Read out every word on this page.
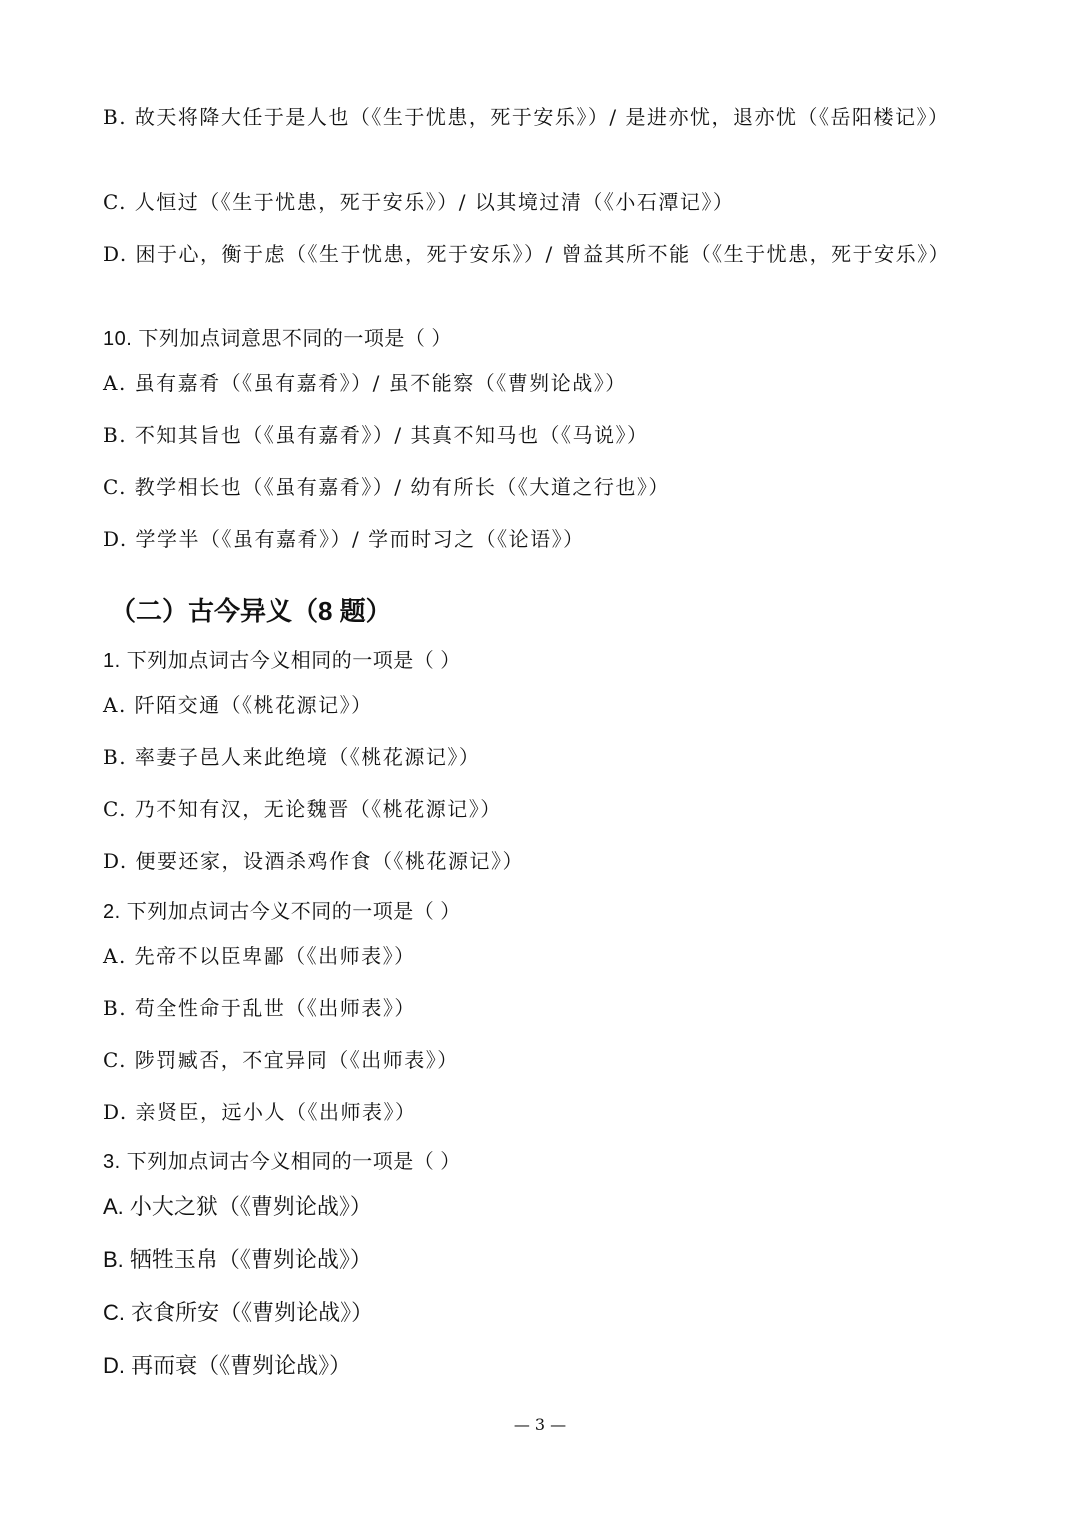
B. 故天将降大任于是人也（《生于忧患，死于安乐》）/ 是进亦忧，退亦忧（《岳阳楼记》）
C. 人恒过（《生于忧患，死于安乐》）/ 以其境过清（《小石潭记》）
D. 困于心，衡于虑（《生于忧患，死于安乐》）/ 曾益其所不能（《生于忧患，死于安乐》）
10. 下列加点词意思不同的一项是（ ）
A. 虽有嘉肴（《虽有嘉肴》）/ 虽不能察（《曹刿论战》）
B. 不知其旨也（《虽有嘉肴》）/ 其真不知马也（《马说》）
C. 教学相长也（《虽有嘉肴》）/ 幼有所长（《大道之行也》）
D. 学学半（《虽有嘉肴》）/ 学而时习之（《论语》）
（二）古今异义（8 题）
1. 下列加点词古今义相同的一项是（ ）
A. 阡陌交通（《桃花源记》）
B. 率妻子邑人来此绝境（《桃花源记》）
C. 乃不知有汉，无论魏晋（《桃花源记》）
D. 便要还家，设酒杀鸡作食（《桃花源记》）
2. 下列加点词古今义不同的一项是（ ）
A. 先帝不以臣卑鄙（《出师表》）
B. 苟全性命于乱世（《出师表》）
C. 陟罚臧否，不宜异同（《出师表》）
D. 亲贤臣，远小人（《出师表》）
3. 下列加点词古今义相同的一项是（ ）
A. 小大之狱（《曹刿论战》）
B. 牺牲玉帛（《曹刿论战》）
C. 衣食所安（《曹刿论战》）
D. 再而衰（《曹刿论战》）
— 3 —
